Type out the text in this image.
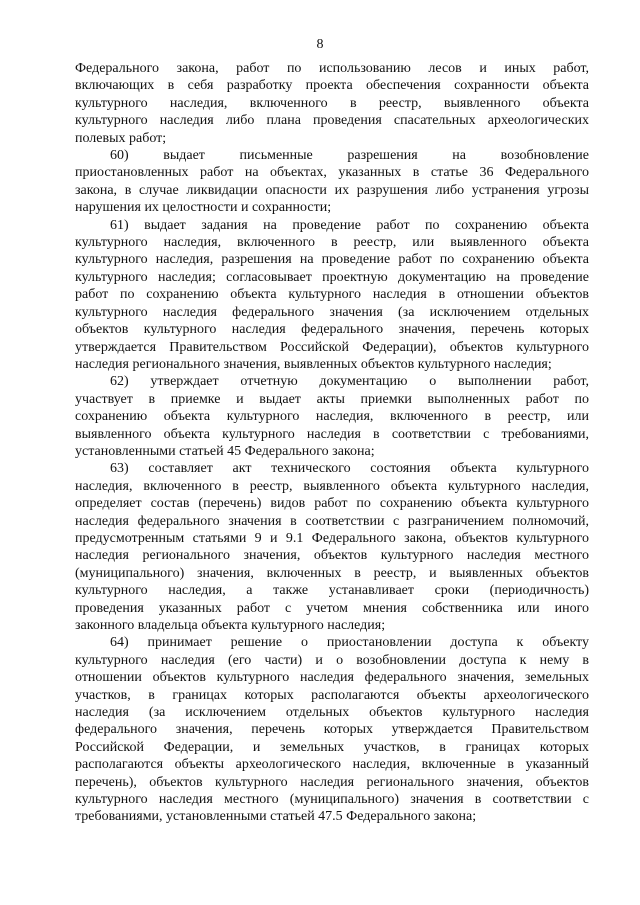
8

Федерального закона, работ по использованию лесов и иных работ,
включающих в себя разработку проекта обеспечения сохранности объекта
культурного наследия, включенного в реестр, выявленного объекта
культурного наследия либо плана проведения спасательных археологических
полевых работ;

60) выдает письменные разрешения на возобновление
приостановленных работ на объектах, указанных в статье 36 Федерального
закона, в случае ликвидации опасности их разрушения либо устранения угрозы
нарушения их целостности и сохранности;

61) выдает задания на проведение работ по сохранению объекта
культурного наследия, включенного в реестр, или выявленного объекта
культурного наследия, разрешения на проведение работ по сохранению объекта
культурного наследия; согласовывает проектную документацию на проведение
работ по сохранению объекта культурного наследия в отношении объектов
культурного наследия федерального значения (за исключением отдельных
объектов культурного наследия федерального значения, перечень которых
утверждается Правительством Российской Федерации), объектов культурного
наследия регионального значения, выявленных объектов культурного наследия;

62) утверждает отчетную документацию о выполнении работ,
участвует в приемке и выдает акты приемки выполненных работ по
сохранению объекта культурного наследия, включенного в реестр, или
выявленного объекта культурного наследия в соответствии с требованиями,
установленными статьей 45 Федерального закона;

63) составляет акт технического состояния объекта культурного
наследия, включенного в реестр, выявленного объекта культурного наследия,
определяет состав (перечень) видов работ по сохранению объекта культурного
наследия федерального значения в соответствии с разграничением полномочий,
предусмотренным статьями 9 и 9.1 Федерального закона, объектов культурного
наследия регионального значения, объектов культурного наследия местного
(муниципального) значения, включенных в реестр, и выявленных объектов
культурного наследия, а также устанавливает сроки (периодичность)
проведения указанных работ с учетом мнения собственника или иного
законного владельца объекта культурного наследия;

64) принимает решение о приостановлении доступа к объекту
культурного наследия (его части) и о возобновлении доступа к нему в
отношении объектов культурного наследия федерального значения, земельных
участков, в границах которых располагаются объекты археологического
наследия (за исключением отдельных объектов культурного наследия
федерального значения, перечень которых утверждается Правительством
Российской Федерации, и земельных участков, в границах которых
располагаются объекты археологического наследия, включенные в указанный
перечень), объектов культурного наследия регионального значения, объектов
культурного наследия местного (муниципального) значения в соответствии с
требованиями, установленными статьей 47.5 Федерального закона;
